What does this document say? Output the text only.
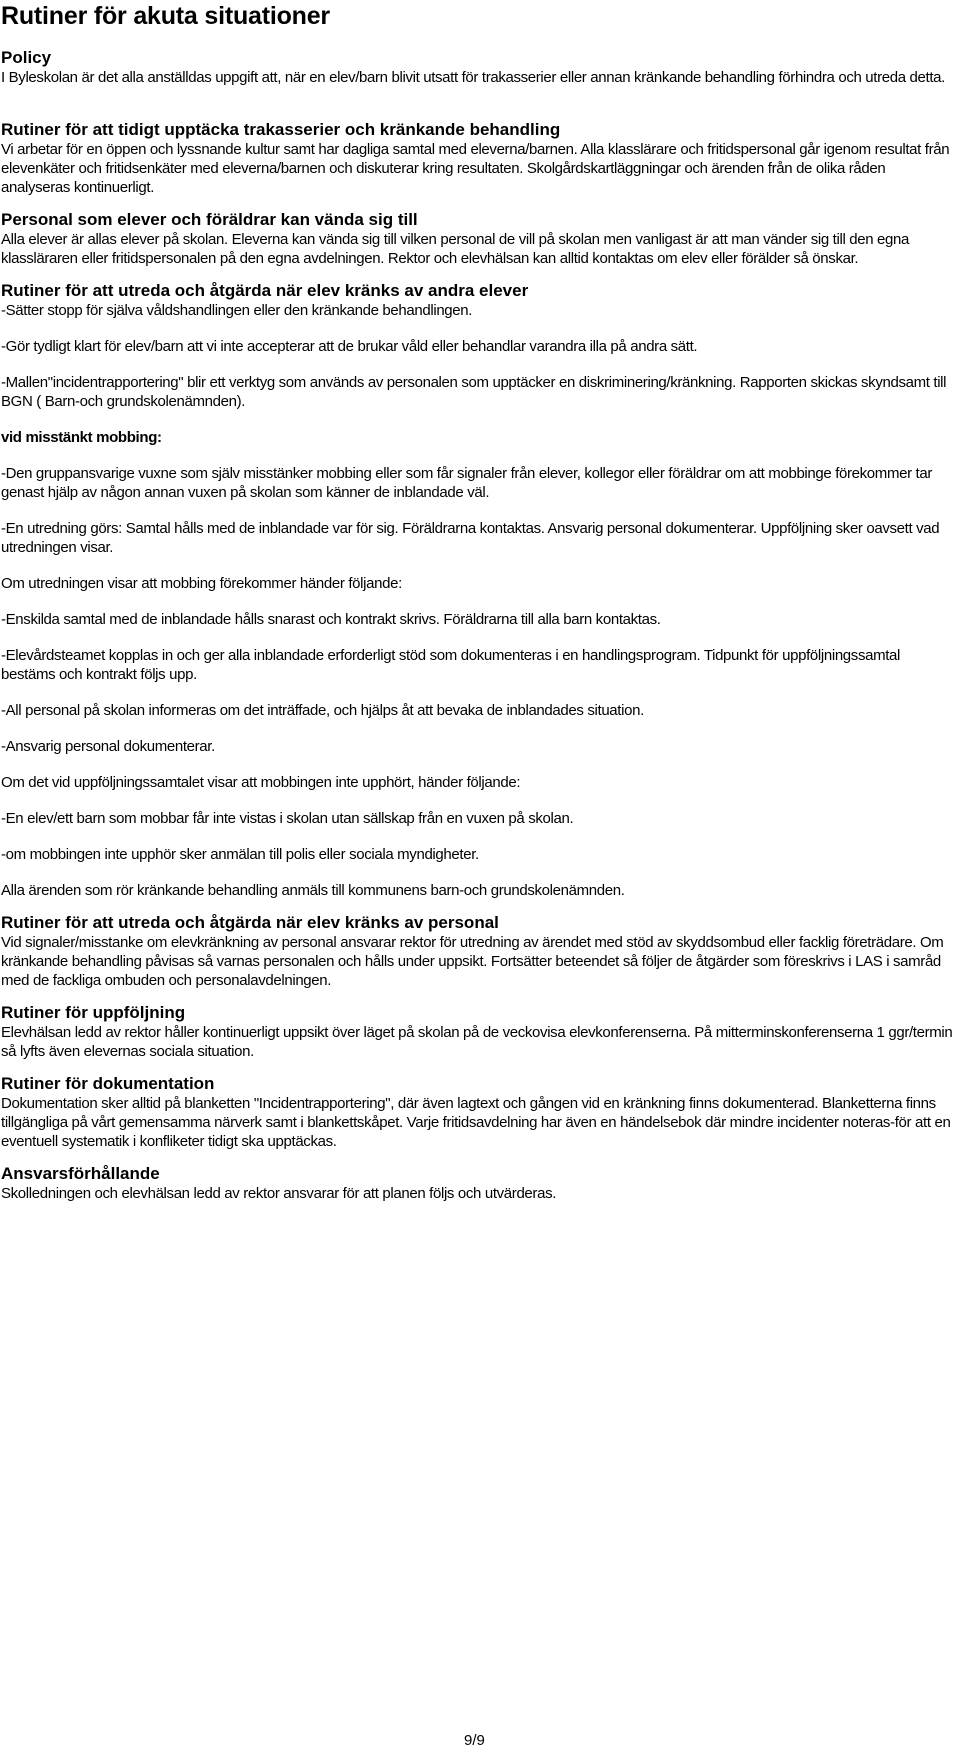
Rutiner för akuta situationer
Policy

I Byleskolan är det alla anställdas uppgift att, när en elev/barn blivit utsatt för trakasserier eller annan kränkande behandling förhindra och utreda detta.

Rutiner för att tidigt upptäcka trakasserier och kränkande behandling

Vi arbetar för en öppen och lyssnande kultur samt har dagliga samtal med eleverna/barnen. Alla klasslärare och fritidspersonal går igenom resultat från elevenkäter och fritidsenkäter med eleverna/barnen och diskuterar kring resultaten. Skolgårdskartläggningar och ärenden från de olika råden analyseras kontinuerligt.

Personal som elever och föräldrar kan vända sig till

Alla elever är allas elever på skolan. Eleverna kan vända sig till vilken personal de vill på skolan men vanligast är att man vänder sig till den egna klassläraren eller fritidspersonalen på den egna avdelningen. Rektor och elevhälsan kan alltid kontaktas om elev eller förälder så önskar.

Rutiner för att utreda och åtgärda när elev kränks av andra elever

-Sätter stopp för själva våldshandlingen eller den kränkande behandlingen.

-Gör tydligt klart för elev/barn att vi inte accepterar att de brukar våld eller behandlar varandra illa på andra sätt.

-Mallen"incidentrapportering" blir ett verktyg som används av personalen som upptäcker en diskriminering/kränkning. Rapporten skickas skyndsamt till BGN ( Barn-och grundskolenämnden).

vid misstänkt mobbing:

-Den gruppansvarige vuxne som själv misstänker mobbing eller som får signaler från elever, kollegor eller föräldrar om att mobbinge förekommer tar genast hjälp av någon annan vuxen på skolan som känner de inblandade väl.

-En utredning görs: Samtal hålls med de inblandade var för sig. Föräldrarna kontaktas. Ansvarig personal dokumenterar. Uppföljning sker oavsett vad utredningen visar.

Om utredningen visar att mobbing förekommer händer följande:

-Enskilda samtal med de inblandade hålls snarast och kontrakt skrivs. Föräldrarna till alla barn kontaktas.

-Elevårdsteamet kopplas in och ger alla inblandade erforderligt stöd som dokumenteras i en handlingsprogram. Tidpunkt för uppföljningssamtal bestäms och kontrakt följs upp.

-All personal på skolan informeras om det inträffade, och hjälps åt att bevaka de inblandades situation.

-Ansvarig personal dokumenterar.

Om det vid uppföljningssamtalet visar att mobbingen inte upphört, händer följande:

-En elev/ett barn som mobbar får inte vistas i skolan utan sällskap från en vuxen på skolan.

-om mobbingen inte upphör sker anmälan till polis eller sociala myndigheter.

Alla ärenden som rör kränkande behandling anmäls till kommunens barn-och grundskolenämnden.

Rutiner för att utreda och åtgärda när elev kränks av personal

Vid signaler/misstanke om elevkränkning av personal ansvarar rektor för utredning av ärendet med stöd av skyddsombud eller facklig företrädare. Om kränkande behandling påvisas så varnas personalen och hålls under uppsikt. Fortsätter beteendet så följer de åtgärder som föreskrivs i LAS i samråd med de fackliga ombuden och personalavdelningen.

Rutiner för uppföljning

Elevhälsan ledd av rektor håller kontinuerligt uppsikt över läget på skolan på de veckovisa elevkonferenserna. På mitterminskonferenserna 1 ggr/termin så lyfts även elevernas sociala situation.

Rutiner för dokumentation

Dokumentation sker alltid på blanketten "Incidentrapportering", där även lagtext och gången vid en kränkning finns dokumenterad. Blanketterna finns tillgängliga på vårt gemensamma närverk samt i blankettskåpet. Varje fritidsavdelning har även en händelsebok där mindre incidenter noteras-för att en eventuell systematik i konfliketer tidigt ska upptäckas.

Ansvarsförhållande

Skolledningen och elevhälsan ledd av rektor ansvarar för att planen följs och utvärderas.

9/9
